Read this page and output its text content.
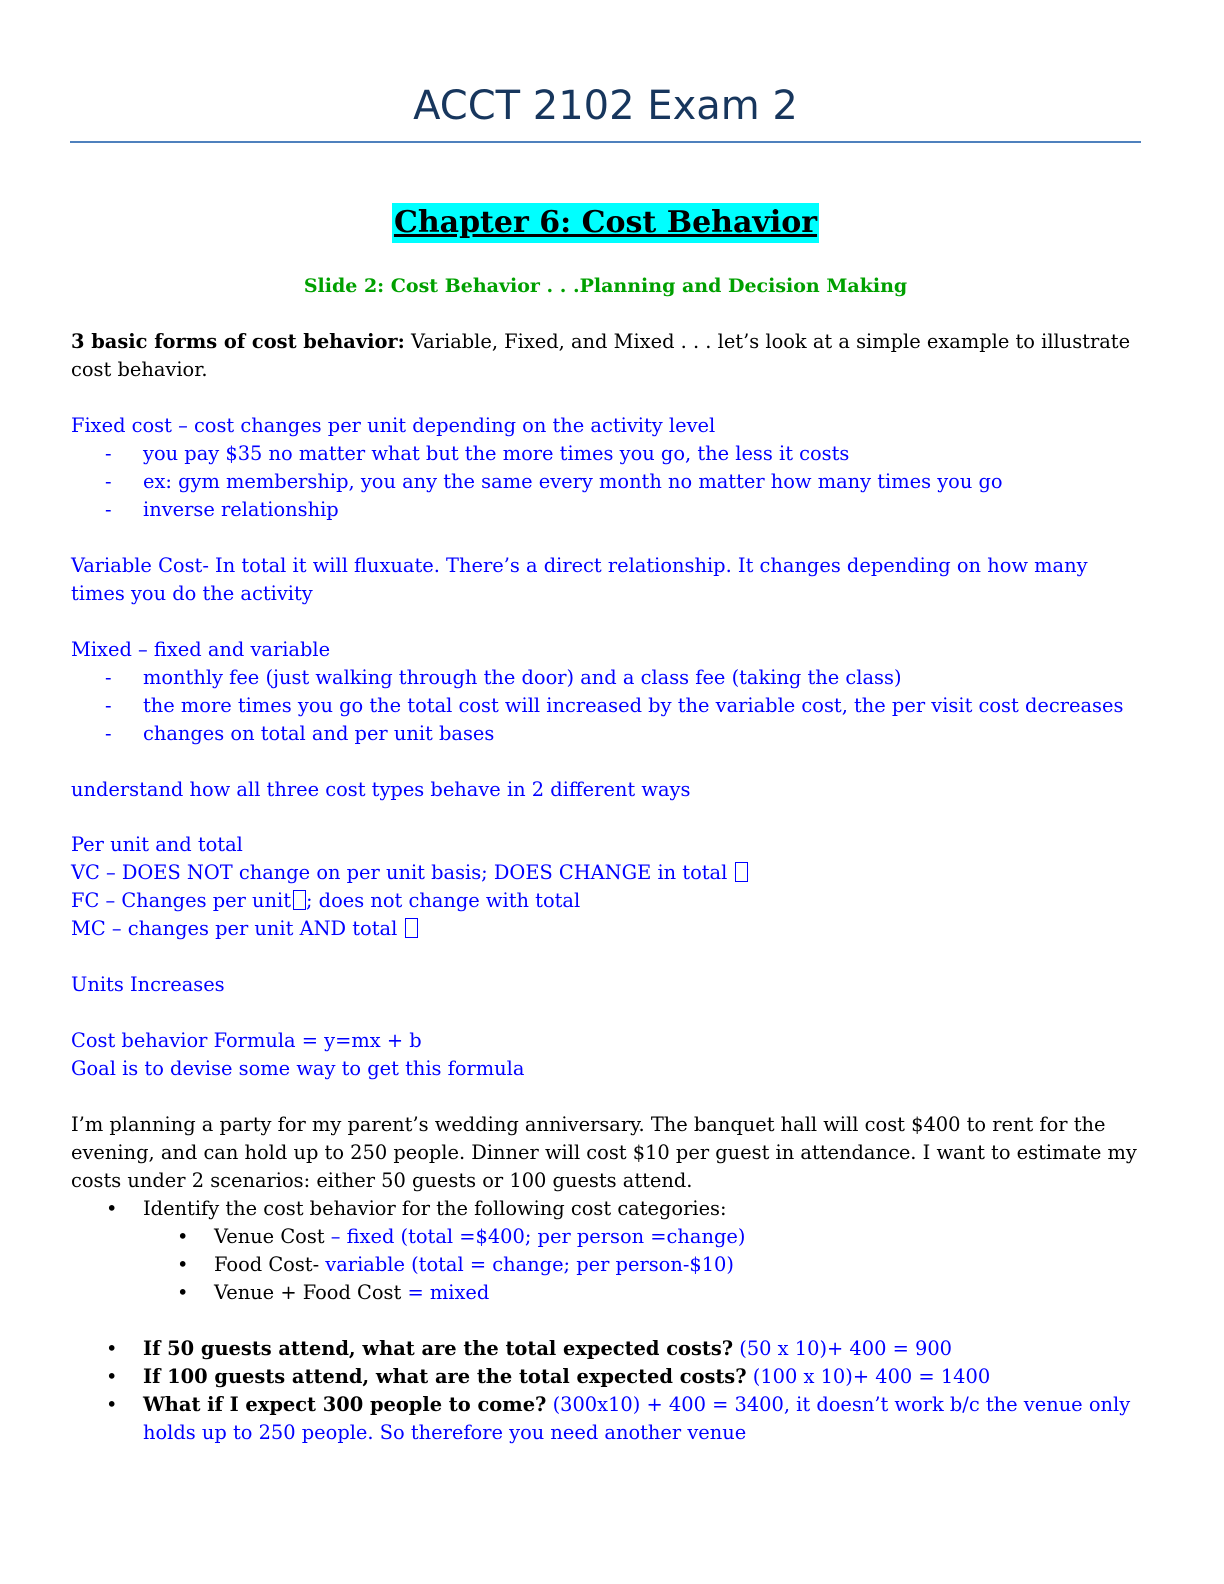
ACCT 2102 Exam 2
Chapter 6: Cost Behavior
Slide 2: Cost Behavior . . .Planning and Decision Making

3 basic forms of cost behavior: Variable, Fixed, and Mixed . . . let’s look at a simple example to illustrate cost behavior.

Fixed cost – cost changes per unit depending on the activity level

- you pay $35 no matter what but the more times you go, the less it costs
- ex: gym membership, you any the same every month no matter how many times you go
- inverse relationship

Variable Cost- In total it will fluxuate. There’s a direct relationship. It changes depending on how many times you do the activity

Mixed – fixed and variable

- monthly fee (just walking through the door) and a class fee (taking the class)
- the more times you go the total cost will increased by the variable cost, the per visit cost decreases
- changes on total and per unit bases

understand how all three cost types behave in 2 different ways

Per unit and total

VC – DOES NOT change on per unit basis; DOES CHANGE in total

FC – Changes per unit ; does not change with total

MC – changes per unit AND total

Units Increases

Cost behavior Formula = y=mx + b

Goal is to devise some way to get this formula

I’m planning a party for my parent’s wedding anniversary. The banquet hall will cost $400 to rent for the evening, and can hold up to 250 people. Dinner will cost $10 per guest in attendance. I want to estimate my costs under 2 scenarios: either 50 guests or 100 guests attend.

• Identify the cost behavior for the following cost categories:
• Venue Cost – fixed (total =$400; per person =change)
• Food Cost- variable (total = change; per person-$10)
• Venue + Food Cost = mixed
• If 50 guests attend, what are the total expected costs? (50 x 10)+ 400 = 900
• If 100 guests attend, what are the total expected costs? (100 x 10)+ 400 = 1400
• What if I expect 300 people to come? (300x10) + 400 = 3400, it doesn’t work b/c the venue only holds up to 250 people. So therefore you need another venue
